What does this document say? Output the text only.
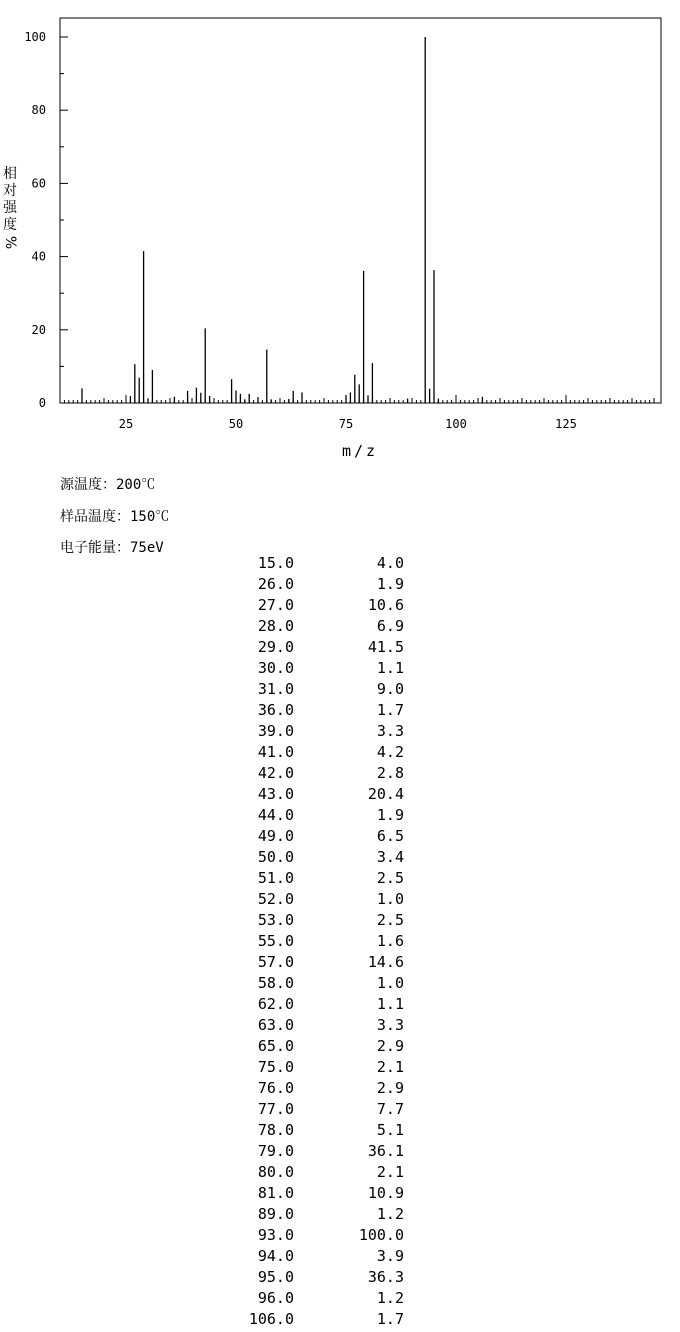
25	50	75	100	125
0
20
40
60
80
100
m/z
相
对
强
度
%
源温度：200℃
样品温度：150℃
电子能量：75eV
15.0	4.0
26.0	1.9
27.0	10.6
28.0	6.9
29.0	41.5
30.0	1.1
31.0	9.0
36.0	1.7
39.0	3.3
41.0	4.2
42.0	2.8
43.0	20.4
44.0	1.9
49.0	6.5
50.0	3.4
51.0	2.5
52.0	1.0
53.0	2.5
55.0	1.6
57.0	14.6
58.0	1.0
62.0	1.1
63.0	3.3
65.0	2.9
75.0	2.1
76.0	2.9
77.0	7.7
78.0	5.1
79.0	36.1
80.0	2.1
81.0	10.9
89.0	1.2
93.0	100.0
94.0	3.9
95.0	36.3
96.0	1.2
106.0	1.7
